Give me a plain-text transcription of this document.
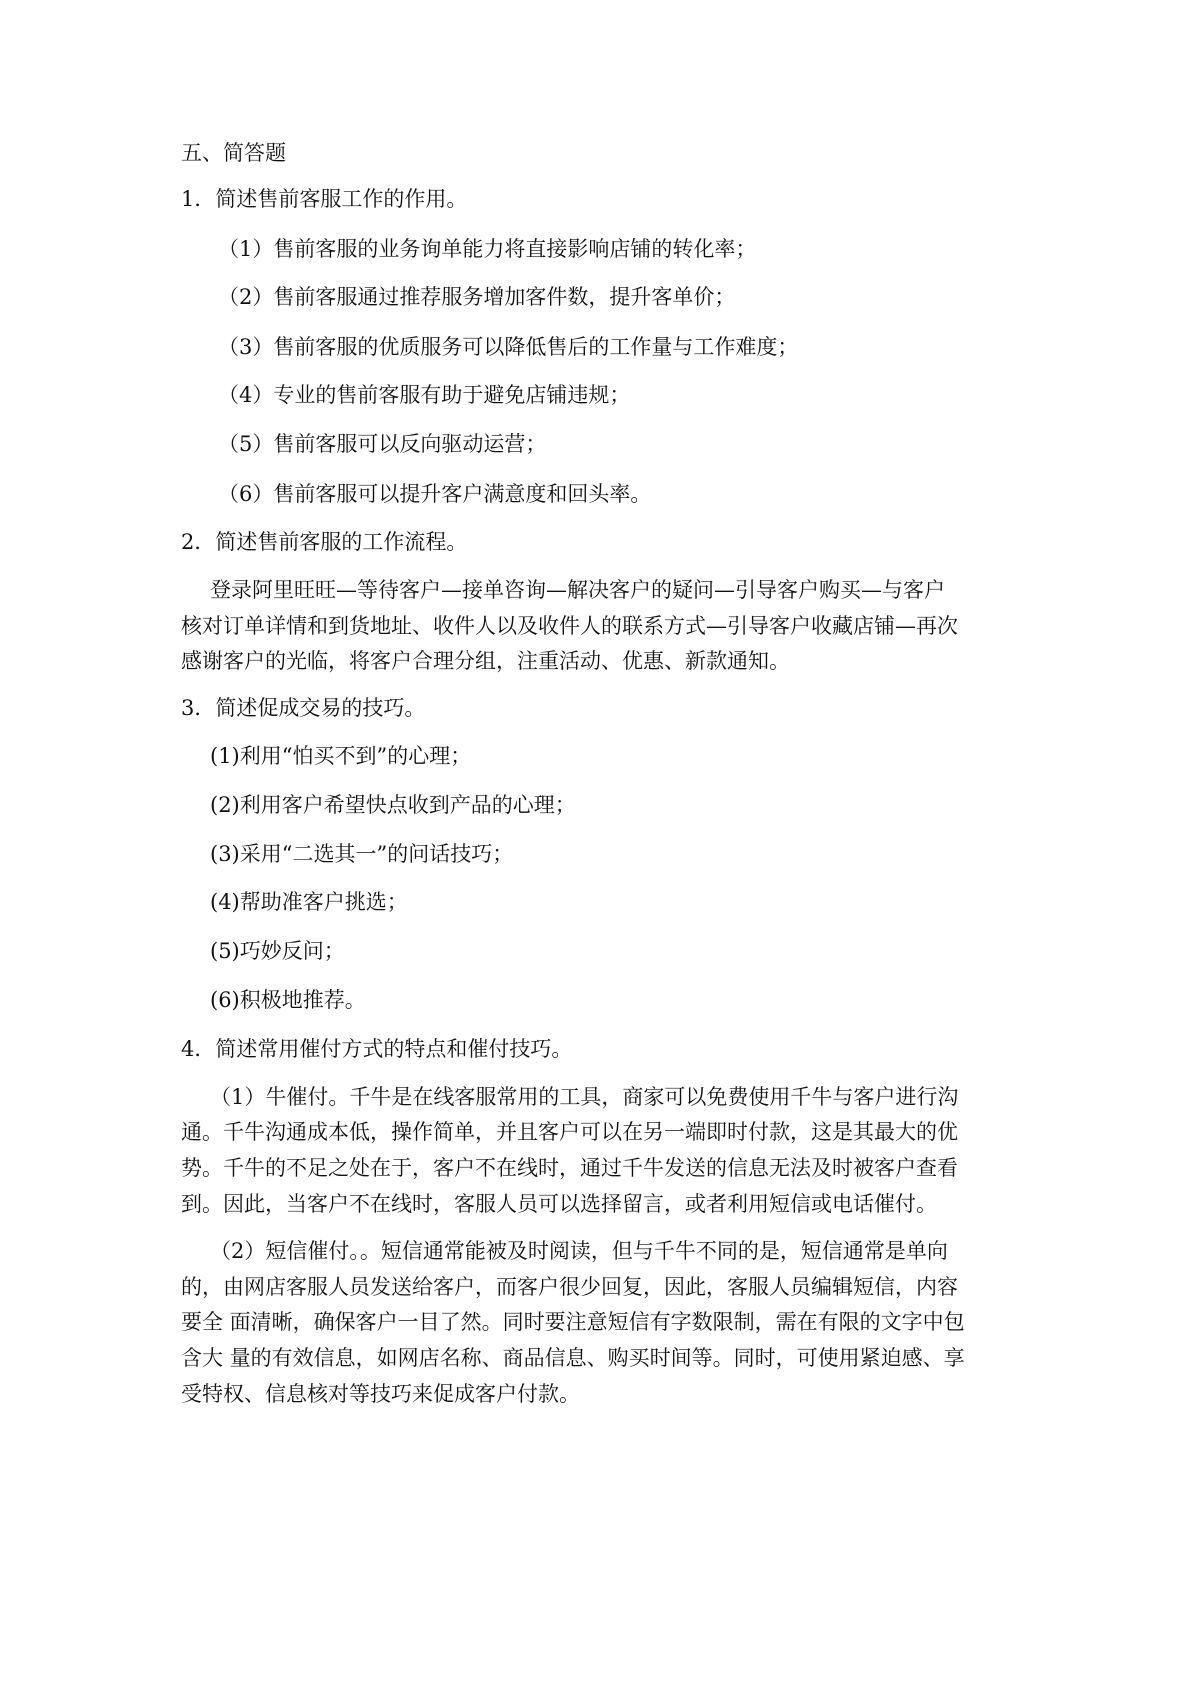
五、简答题
1．简述售前客服工作的作用。
（1）售前客服的业务询单能力将直接影响店铺的转化率；
（2）售前客服通过推荐服务增加客件数，提升客单价；
（3）售前客服的优质服务可以降低售后的工作量与工作难度；
（4）专业的售前客服有助于避免店铺违规；
（5）售前客服可以反向驱动运营；
（6）售前客服可以提升客户满意度和回头率。
2．简述售前客服的工作流程。
登录阿里旺旺—等待客户—接单咨询—解决客户的疑问—引导客户购买—与客户
核对订单详情和到货地址、收件人以及收件人的联系方式—引导客户收藏店铺—再次
感谢客户的光临，将客户合理分组，注重活动、优惠、新款通知。
3．简述促成交易的技巧。
(1)利用“怕买不到”的心理；
(2)利用客户希望快点收到产品的心理；
(3)采用“二选其一”的问话技巧；
(4)帮助准客户挑选；
(5)巧妙反问；
(6)积极地推荐。
4．简述常用催付方式的特点和催付技巧。
（1）牛催付。千牛是在线客服常用的工具，商家可以免费使用千牛与客户进行沟
通。千牛沟通成本低，操作简单，并且客户可以在另一端即时付款，这是其最大的优
势。千牛的不足之处在于，客户不在线时，通过千牛发送的信息无法及时被客户查看
到。因此，当客户不在线时，客服人员可以选择留言，或者利用短信或电话催付。
（2）短信催付。。短信通常能被及时阅读，但与千牛不同的是，短信通常是单向
的，由网店客服人员发送给客户，而客户很少回复，因此，客服人员编辑短信，内容
要全 面清晰，确保客户一目了然。同时要注意短信有字数限制，需在有限的文字中包
含大 量的有效信息，如网店名称、商品信息、购买时间等。同时，可使用紧迫感、享
受特权、信息核对等技巧来促成客户付款。
